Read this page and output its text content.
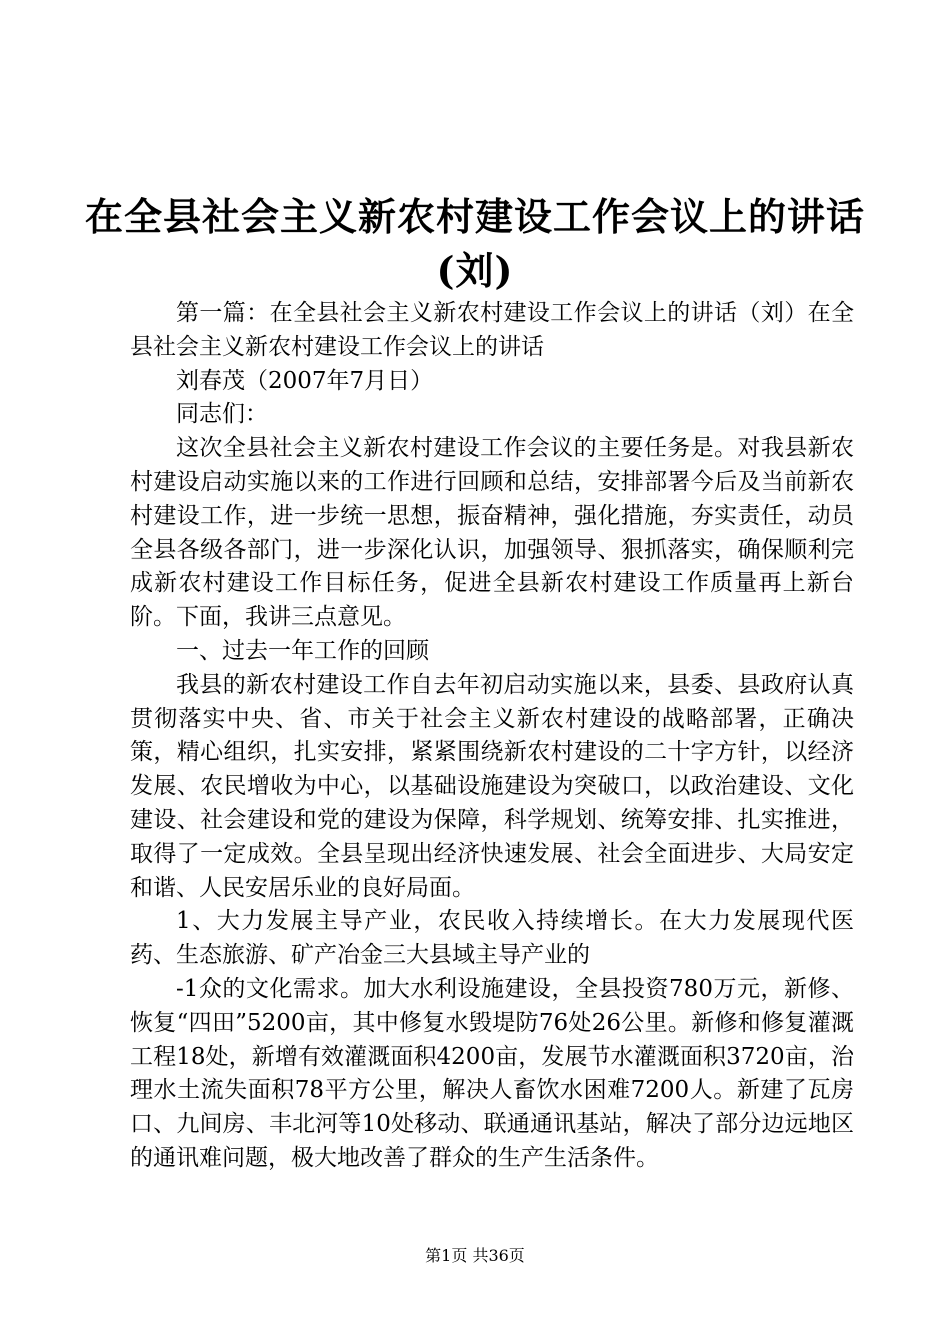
在全县社会主义新农村建设工作会议上的讲话
(刘)

第一篇：在全县社会主义新农村建设工作会议上的讲话（刘）在全县社会主义新农村建设工作会议上的讲话

刘春茂（2007年7月日）

同志们：

这次全县社会主义新农村建设工作会议的主要任务是。对我县新农村建设启动实施以来的工作进行回顾和总结，安排部署今后及当前新农村建设工作，进一步统一思想，振奋精神，强化措施，夯实责任，动员全县各级各部门，进一步深化认识，加强领导、狠抓落实，确保顺利完成新农村建设工作目标任务，促进全县新农村建设工作质量再上新台阶。下面，我讲三点意见。

一、过去一年工作的回顾

我县的新农村建设工作自去年初启动实施以来，县委、县政府认真贯彻落实中央、省、市关于社会主义新农村建设的战略部署，正确决策，精心组织，扎实安排，紧紧围绕新农村建设的二十字方针，以经济发展、农民增收为中心，以基础设施建设为突破口，以政治建设、文化建设、社会建设和党的建设为保障，科学规划、统筹安排、扎实推进，取得了一定成效。全县呈现出经济快速发展、社会全面进步、大局安定和谐、人民安居乐业的良好局面。

1、大力发展主导产业，农民收入持续增长。在大力发展现代医药、生态旅游、矿产冶金三大县域主导产业的

-1众的文化需求。加大水利设施建设，全县投资780万元，新修、恢复“四田”5200亩，其中修复水毁堤防76处26公里。新修和修复灌溉工程18处，新增有效灌溉面积4200亩，发展节水灌溉面积3720亩，治理水土流失面积78平方公里，解决人畜饮水困难7200人。新建了瓦房口、九间房、丰北河等10处移动、联通通讯基站，解决了部分边远地区的通讯难问题，极大地改善了群众的生产生活条件。

第1页 共36页
